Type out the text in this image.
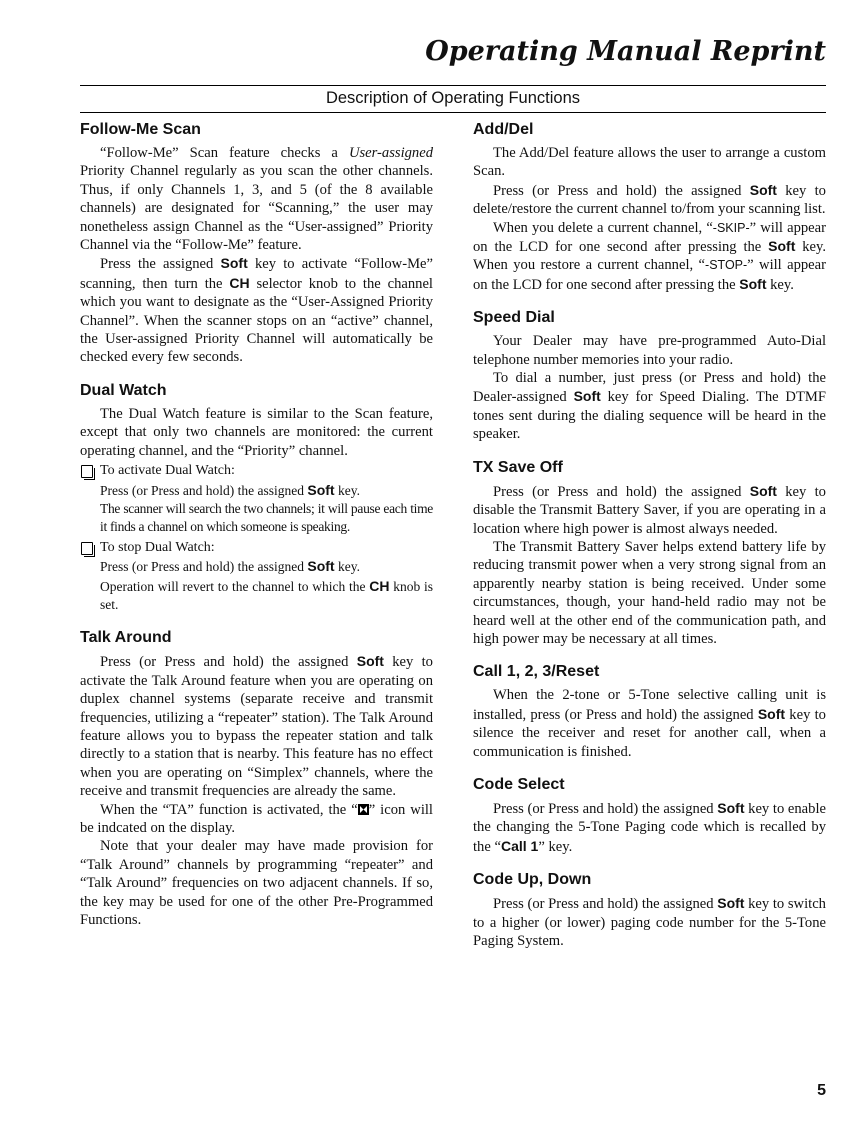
Operating Manual Reprint
Description of Operating Functions
Follow-Me Scan

“Follow-Me” Scan feature checks a User-assigned Priority Channel regularly as you scan the other channels. Thus, if only Channels 1, 3, and 5 (of the 8 available channels) are designated for “Scanning,” the user may nonetheless assign Channel as the “User-assigned” Priority Channel via the “Follow-Me” feature.

Press the assigned Soft key to activate “Follow-Me” scanning, then turn the CH selector knob to the channel which you want to designate as the “User-Assigned Priority Channel”. When the scanner stops on an “active” channel, the User-assigned Priority Channel will automatically be checked every few seconds.

Dual Watch

The Dual Watch feature is similar to the Scan feature, except that only two channels are monitored: the current operating channel, and the “Priority” channel.

To activate Dual Watch:
Press (or Press and hold) the assigned Soft key.
The scanner will search the two channels; it will pause each time it finds a channel on which someone is speaking.
To stop Dual Watch:
Press (or Press and hold) the assigned Soft key.
Operation will revert to the channel to which the CH knob is set.
Talk Around

Press (or Press and hold) the assigned Soft key to activate the Talk Around feature when you are operating on duplex channel systems (separate receive and transmit frequencies, utilizing a “repeater” station). The Talk Around feature allows you to bypass the repeater station and talk directly to a station that is nearby. This feature has no effect when you are operating on “Simplex” channels, where the receive and transmit frequencies are already the same.

When the “TA” function is activated, the “ ” icon will be indcated on the display.

Note that your dealer may have made provision for “Talk Around” channels by programming “repeater” and “Talk Around” frequencies on two adjacent channels. If so, the key may be used for one of the other Pre-Programmed Functions.

Add/Del

The Add/Del feature allows the user to arrange a custom Scan.

Press (or Press and hold) the assigned Soft key to delete/restore the current channel to/from your scanning list.

When you delete a current channel, “-SKIP-” will appear on the LCD for one second after pressing the Soft key. When you restore a current channel, “-STOP-” will appear on the LCD for one second after pressing the Soft key.

Speed Dial

Your Dealer may have pre-programmed Auto-Dial telephone number memories into your radio.

To dial a number, just press (or Press and hold) the Dealer-assigned Soft key for Speed Dialing. The DTMF tones sent during the dialing sequence will be heard in the speaker.

TX Save Off

Press (or Press and hold) the assigned Soft key to disable the Transmit Battery Saver, if you are operating in a location where high power is almost always needed.

The Transmit Battery Saver helps extend battery life by reducing transmit power when a very strong signal from an apparently nearby station is being received. Under some circumstances, though, your hand-held radio may not be heard well at the other end of the communication path, and high power may be necessary at all times.

Call 1, 2, 3/Reset

When the 2-tone or 5-Tone selective calling unit is installed, press (or Press and hold) the assigned Soft key to silence the receiver and reset for another call, when a communication is finished.

Code Select

Press (or Press and hold) the assigned Soft key to enable the changing the 5-Tone Paging code which is recalled by the “Call 1” key.

Code Up, Down

Press (or Press and hold) the assigned Soft key to switch to a higher (or lower) paging code number for the 5-Tone Paging System.

5
